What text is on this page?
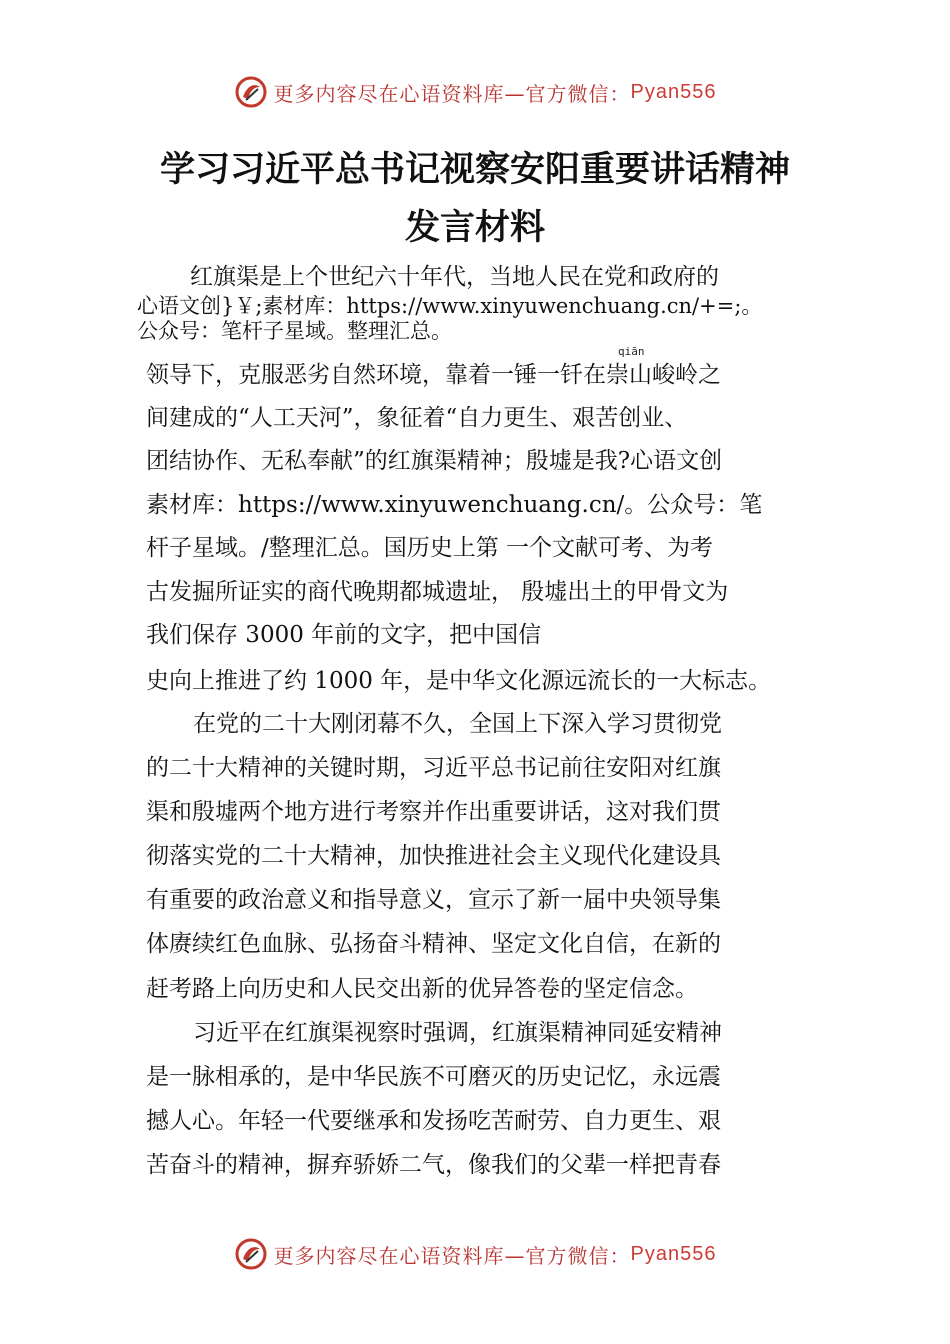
更多内容尽在心语资料库—官方微信： Pyan556
学习习近平总书记视察安阳重要讲话精神
发言材料
红旗渠是上个世纪六十年代，当地人民在党和政府的
心语文创}￥;素材库：https://www.xinyuwenchuang.cn/+=;。
公众号：笔杆子星域。整理汇总。
qiān
领导下，克服恶劣自然环境，靠着一锤一钎在崇山峻岭之
间建成的“人工天河”，象征着“自力更生、艰苦创业、
团结协作、无私奉献”的红旗渠精神；殷墟是我?心语文创
素材库：https://www.xinyuwenchuang.cn/。公众号：笔
杆子星域。/整理汇总。国历史上第 一个文献可考、为考
古发掘所证实的商代晚期都城遗址， 殷墟出土的甲骨文为
我们保存 3000 年前的文字，把中国信
史向上推进了约 1000 年，是中华文化源远流长的一大标志。
在党的二十大刚闭幕不久，全国上下深入学习贯彻党
的二十大精神的关键时期，习近平总书记前往安阳对红旗
渠和殷墟两个地方进行考察并作出重要讲话，这对我们贯
彻落实党的二十大精神，加快推进社会主义现代化建设具
有重要的政治意义和指导意义，宣示了新一届中央领导集
体赓续红色血脉、弘扬奋斗精神、坚定文化自信，在新的
赶考路上向历史和人民交出新的优异答卷的坚定信念。
习近平在红旗渠视察时强调，红旗渠精神同延安精神
是一脉相承的，是中华民族不可磨灭的历史记忆，永远震
撼人心。年轻一代要继承和发扬吃苦耐劳、自力更生、艰
苦奋斗的精神，摒弃骄娇二气，像我们的父辈一样把青春
更多内容尽在心语资料库—官方微信： Pyan556
